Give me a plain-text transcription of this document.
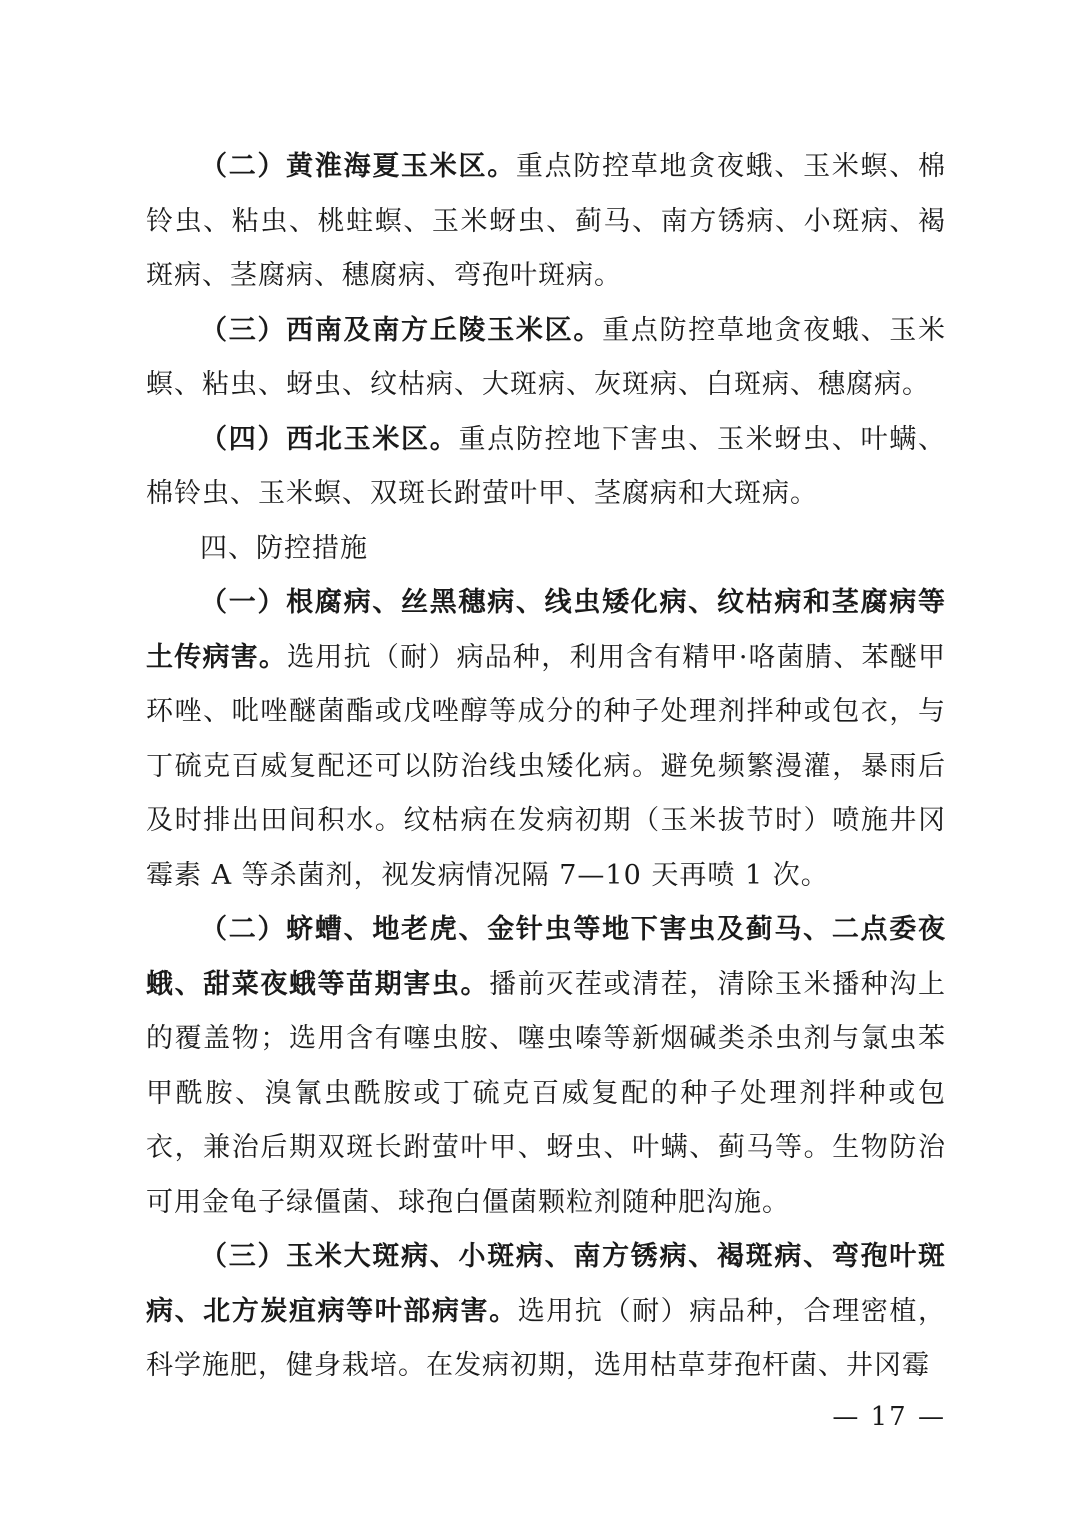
（二）黄淮海夏玉米区。重点防控草地贪夜蛾、玉米螟、棉铃虫、粘虫、桃蛀螟、玉米蚜虫、蓟马、南方锈病、小斑病、褐斑病、茎腐病、穗腐病、弯孢叶斑病。

（三）西南及南方丘陵玉米区。重点防控草地贪夜蛾、玉米螟、粘虫、蚜虫、纹枯病、大斑病、灰斑病、白斑病、穗腐病。

（四）西北玉米区。重点防控地下害虫、玉米蚜虫、叶螨、棉铃虫、玉米螟、双斑长跗萤叶甲、茎腐病和大斑病。

四、防控措施

（一）根腐病、丝黑穗病、线虫矮化病、纹枯病和茎腐病等土传病害。选用抗（耐）病品种，利用含有精甲·咯菌腈、苯醚甲环唑、吡唑醚菌酯或戊唑醇等成分的种子处理剂拌种或包衣，与丁硫克百威复配还可以防治线虫矮化病。避免频繁漫灌，暴雨后及时排出田间积水。纹枯病在发病初期（玉米拔节时）喷施井冈霉素 A 等杀菌剂，视发病情况隔 7—10 天再喷 1 次。

（二）蛴螬、地老虎、金针虫等地下害虫及蓟马、二点委夜蛾、甜菜夜蛾等苗期害虫。播前灭茬或清茬，清除玉米播种沟上的覆盖物；选用含有噻虫胺、噻虫嗪等新烟碱类杀虫剂与氯虫苯甲酰胺、溴氰虫酰胺或丁硫克百威复配的种子处理剂拌种或包衣，兼治后期双斑长跗萤叶甲、蚜虫、叶螨、蓟马等。生物防治可用金龟子绿僵菌、球孢白僵菌颗粒剂随种肥沟施。

（三）玉米大斑病、小斑病、南方锈病、褐斑病、弯孢叶斑病、北方炭疽病等叶部病害。选用抗（耐）病品种，合理密植，科学施肥，健身栽培。在发病初期，选用枯草芽孢杆菌、井冈霉

— 17 —
